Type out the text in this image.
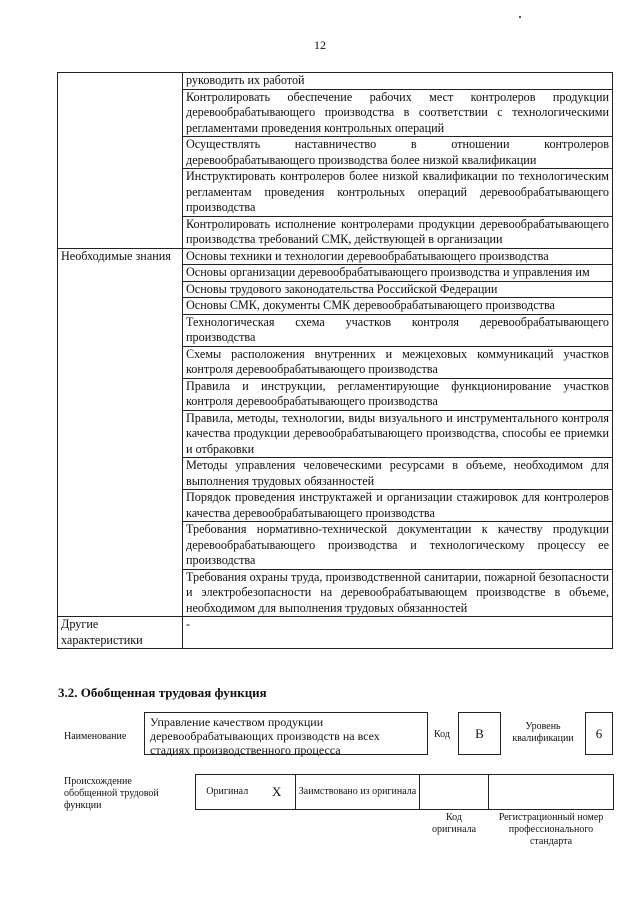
12
	руководить их работой
	Контролировать обеспечение рабочих мест контролеров продукции деревообрабатывающего производства в соответствии с технологическими регламентами проведения контрольных операций
	Осуществлять наставничество в отношении контролеров деревообрабатывающего производства более низкой квалификации
	Инструктировать контролеров более низкой квалификации по технологическим регламентам проведения контрольных операций деревообрабатывающего производства
	Контролировать исполнение контролерами продукции деревообрабатывающего производства требований СМК, действующей в организации
Необходимые знания	Основы техники и технологии деревообрабатывающего производства
	Основы организации деревообрабатывающего производства и управления им
	Основы трудового законодательства Российской Федерации
	Основы СМК, документы СМК деревообрабатывающего производства
	Технологическая схема участков контроля деревообрабатывающего производства
	Схемы расположения внутренних и межцеховых коммуникаций участков контроля деревообрабатывающего производства
	Правила и инструкции, регламентирующие функционирование участков контроля деревообрабатывающего производства
	Правила, методы, технологии, виды визуального и инструментального контроля качества продукции деревообрабатывающего производства, способы ее приемки и отбраковки
	Методы управления человеческими ресурсами в объеме, необходимом для выполнения трудовых обязанностей
	Порядок проведения инструктажей и организации стажировок для контролеров качества деревообрабатывающего производства
	Требования нормативно-технической документации к качеству продукции деревообрабатывающего производства и технологическому процессу ее производства
	Требования охраны труда, производственной санитарии, пожарной безопасности и электробезопасности на деревообрабатывающем производстве в объеме, необходимом для выполнения трудовых обязанностей
Другие характеристики	-
3.2. Обобщенная трудовая функция
Наименование
Управление качеством продукции деревообрабатывающих производств на всех стадиях производственного процесса
Код	B	Уровень квалификации	6
Происхождение обобщенной трудовой функции
Оригинал	X	Заимствовано из оригинала		
Код оригинала
Регистрационный номер профессионального стандарта
